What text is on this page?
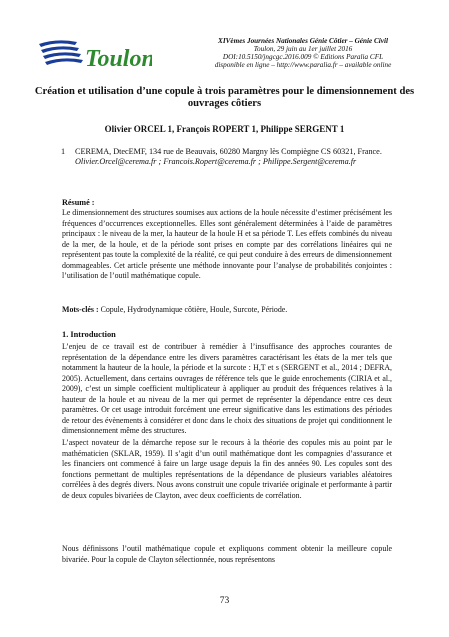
Toulon
XIVèmes Journées Nationales Génie Côtier – Génie Civil
Toulon, 29 juin au 1er juillet 2016
DOI:10.5150/jngcgc.2016.009 © Editions Paralia CFL
disponible en ligne – http://www.paralia.fr – available online
Création et utilisation d’une copule à trois paramètres pour le dimensionnement des ouvrages côtiers
Olivier ORCEL 1, François ROPERT 1, Philippe SERGENT 1
1	CEREMA, DtecEMF, 134 rue de Beauvais, 60280 Margny lès Compiègne CS 60321, France.
Olivier.Orcel@cerema.fr ; Francois.Ropert@cerema.fr ; Philippe.Sergent@cerema.fr
Résumé :
Le dimensionnement des structures soumises aux actions de la houle nécessite d’estimer précisément les fréquences d’occurrences exceptionnelles. Elles sont généralement déterminées à l’aide de paramètres principaux : le niveau de la mer, la hauteur de la houle H et sa période T. Les effets combinés du niveau de la mer, de la houle, et de la période sont prises en compte par des corrélations linéaires qui ne représentent pas toute la complexité de la réalité, ce qui peut conduire à des erreurs de dimensionnement dommageables. Cet article présente une méthode innovante pour l’analyse de probabilités conjointes : l’utilisation de l’outil mathématique copule.
Mots-clés : Copule, Hydrodynamique côtière, Houle, Surcote, Période.
1. Introduction
L’enjeu de ce travail est de contribuer à remédier à l’insuffisance des approches courantes de représentation de la dépendance entre les divers paramètres caractérisant les états de la mer tels que notamment la hauteur de la houle, la période et la surcote : H,T et s (SERGENT et al., 2014 ; DEFRA, 2005). Actuellement, dans certains ouvrages de référence tels que le guide enrochements (CIRIA et al., 2009), c’est un simple coefficient multiplicateur à appliquer au produit des fréquences relatives à la hauteur de la houle et au niveau de la mer qui permet de représenter la dépendance entre ces deux paramètres. Or cet usage introduit forcément une erreur significative dans les estimations des périodes de retour des évènements à considérer et donc dans le choix des situations de projet qui conditionnent le dimensionnement même des structures.
L’aspect novateur de la démarche repose sur le recours à la théorie des copules mis au point par le mathématicien (SKLAR, 1959). Il s’agit d’un outil mathématique dont les compagnies d’assurance et les financiers ont commencé à faire un large usage depuis la fin des années 90. Les copules sont des fonctions permettant de multiples représentations de la dépendance de plusieurs variables aléatoires corrélées à des degrés divers. Nous avons construit une copule trivariée originale et performante à partir de deux copules bivariées de Clayton, avec deux coefficients de corrélation.
Nous définissons l’outil mathématique copule et expliquons comment obtenir la meilleure copule bivariée. Pour la copule de Clayton sélectionnée, nous représentons
73
